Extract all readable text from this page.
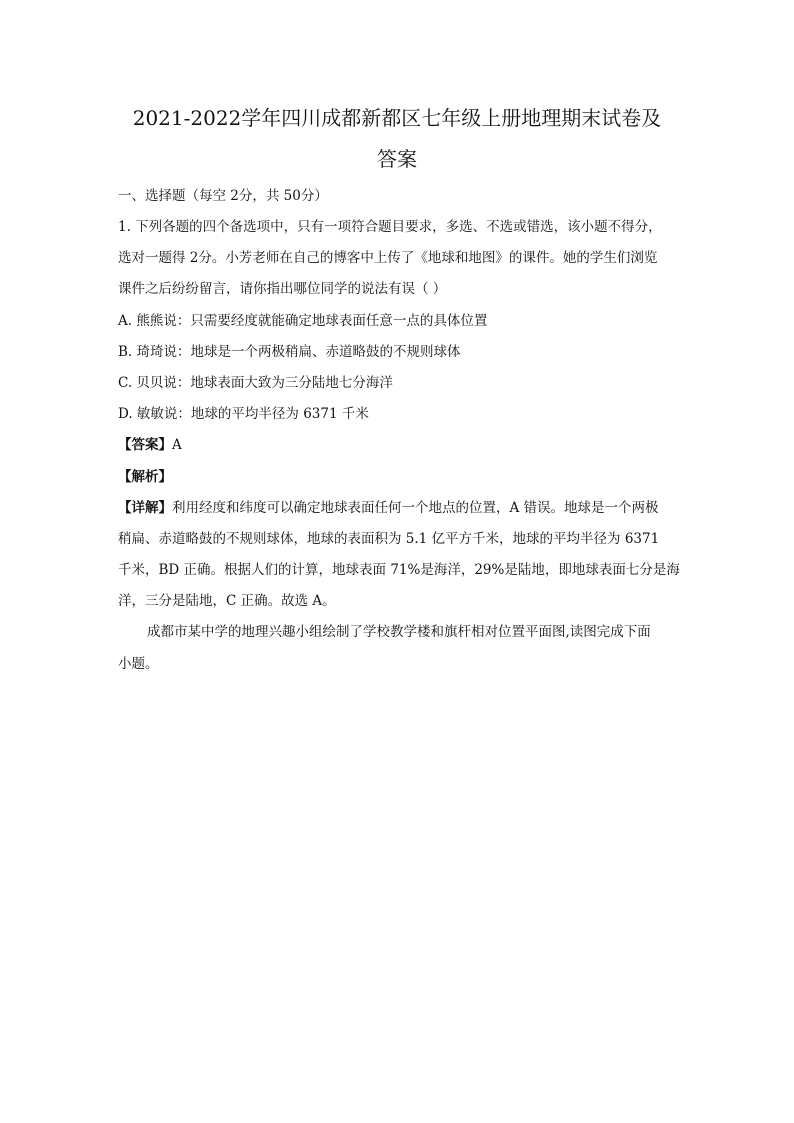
2021-2022学年四川成都新都区七年级上册地理期末试卷及
答案
一、选择题（每空 2分，共 50分）
1. 下列各题的四个备选项中，只有一项符合题目要求，多选、不选或错选，该小题不得分，
选对一题得 2分。小芳老师在自己的博客中上传了《地球和地图》的课件。她的学生们浏览
课件之后纷纷留言，请你指出哪位同学的说法有误（ ）
A. 熊熊说：只需要经度就能确定地球表面任意一点的具体位置
B. 琦琦说：地球是一个两极稍扁、赤道略鼓的不规则球体
C. 贝贝说：地球表面大致为三分陆地七分海洋
D. 敏敏说：地球的平均半径为 6371 千米
【答案】A
【解析】
【详解】利用经度和纬度可以确定地球表面任何一个地点的位置，A 错误。地球是一个两极
稍扁、赤道略鼓的不规则球体，地球的表面积为 5.1 亿平方千米，地球的平均半径为 6371
千米，BD 正确。根据人们的计算，地球表面 71%是海洋，29%是陆地，即地球表面七分是海
洋，三分是陆地，C 正确。故选 A。
成都市某中学的地理兴趣小组绘制了学校教学楼和旗杆相对位置平面图,读图完成下面
小题。
